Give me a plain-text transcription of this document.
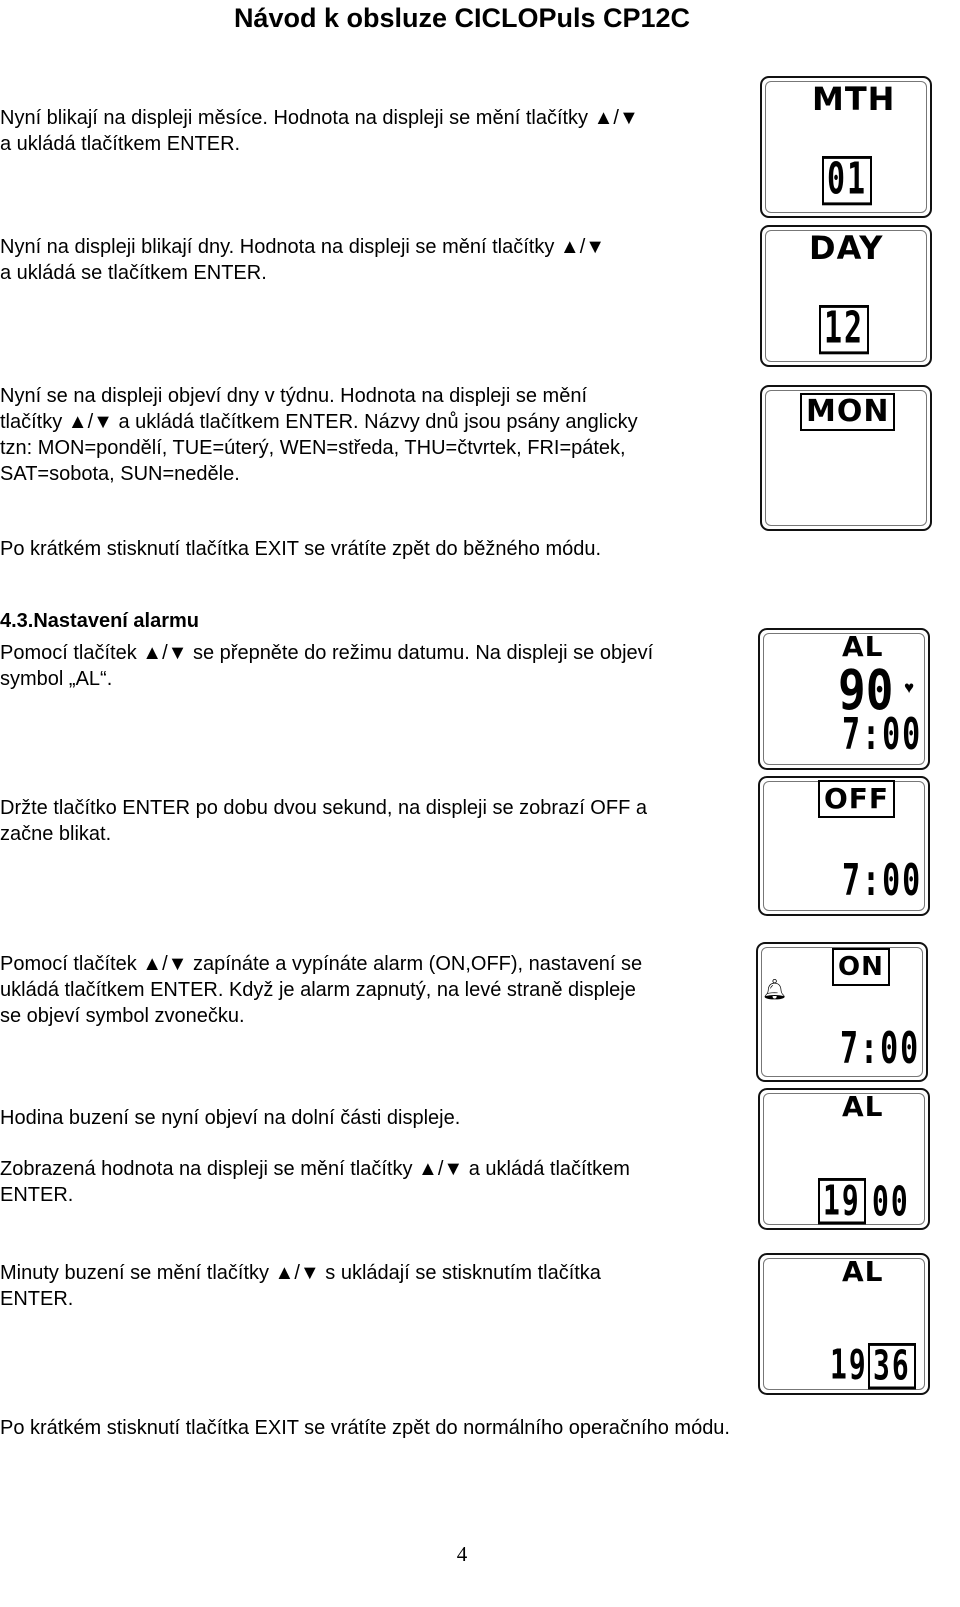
Návod k obsluze CICLOPuls CP12C
Nyní blikají na displeji měsíce. Hodnota na displeji se mění tlačítky ▲/▼
a ukládá tlačítkem ENTER.
Nyní na displeji blikají dny. Hodnota na displeji se mění tlačítky ▲/▼
a ukládá se tlačítkem ENTER.
Nyní se na displeji objeví dny v týdnu. Hodnota na displeji se mění
tlačítky ▲/▼ a ukládá tlačítkem ENTER. Názvy dnů jsou psány anglicky
tzn: MON=pondělí, TUE=úterý, WEN=středa, THU=čtvrtek, FRI=pátek,
SAT=sobota, SUN=neděle.
Po krátkém stisknutí tlačítka EXIT se vrátíte zpět do běžného módu.
4.3.Nastavení alarmu
Pomocí tlačítek ▲/▼ se přepněte do režimu datumu. Na displeji se objeví
symbol „AL“.
Držte tlačítko ENTER po dobu dvou sekund, na displeji se zobrazí OFF a
začne blikat.
Pomocí tlačítek ▲/▼ zapínáte a vypínáte alarm (ON,OFF), nastavení se
ukládá tlačítkem ENTER. Když je alarm zapnutý, na levé straně displeje
se objeví symbol zvonečku.
Hodina buzení se nyní objeví na dolní části displeje.
Zobrazená hodnota na displeji se mění tlačítky ▲/▼ a ukládá tlačítkem
ENTER.
Minuty buzení se mění tlačítky ▲/▼ s ukládají se stisknutím tlačítka
ENTER.
Po krátkém stisknutí tlačítka EXIT se vrátíte zpět do normálního operačního módu.
MTH
01
DAY
12
MON
AL
90 ♥
7:00
OFF
7:00
🔔︎
ON
7:00
AL
19 00
AL
19 36
4
